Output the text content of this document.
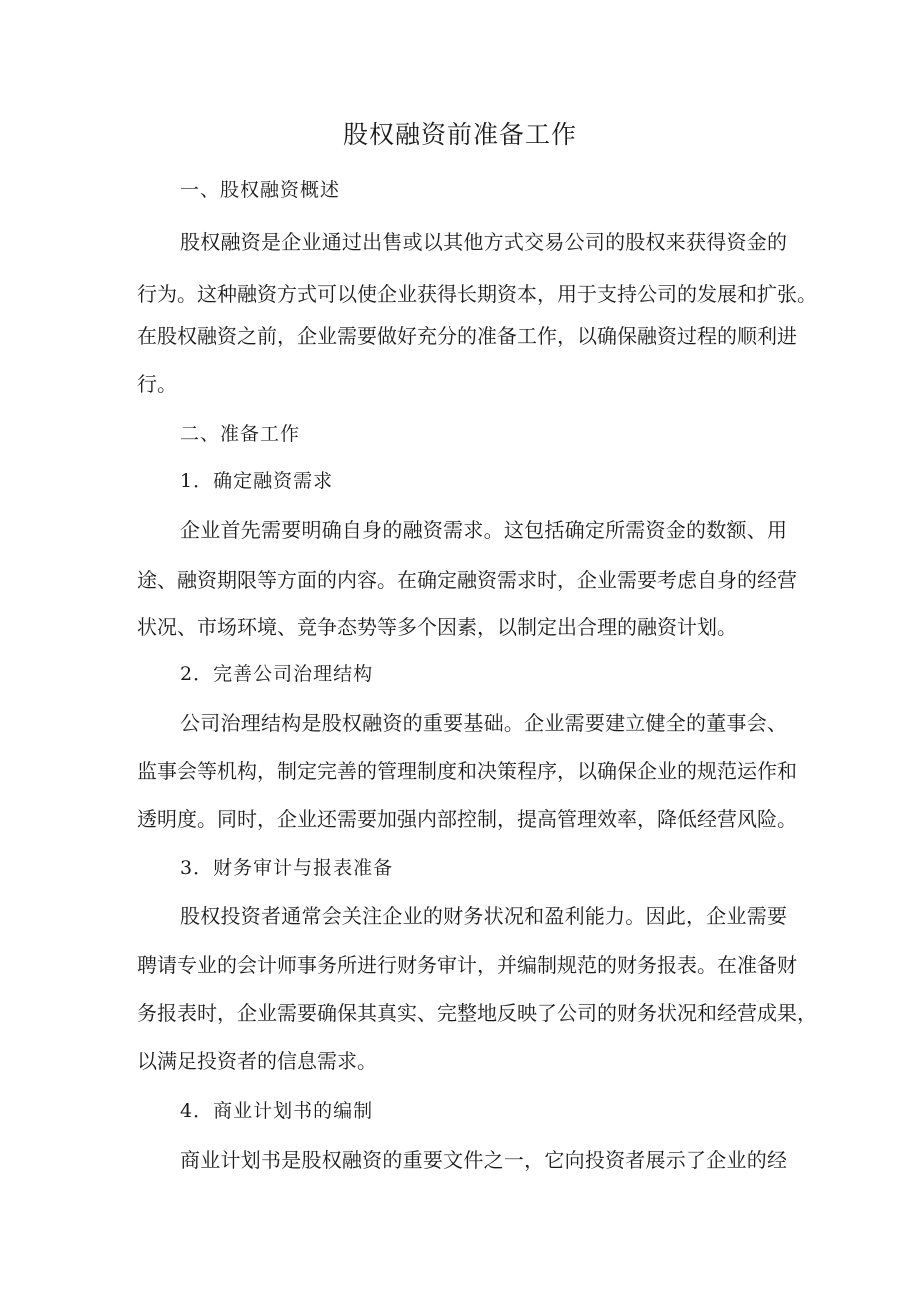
股权融资前准备工作
一、股权融资概述
股权融资是企业通过出售或以其他方式交易公司的股权来获得资金的
行为。这种融资方式可以使企业获得长期资本，用于支持公司的发展和扩张。
在股权融资之前，企业需要做好充分的准备工作，以确保融资过程的顺利进
行。
二、准备工作
1．确定融资需求
企业首先需要明确自身的融资需求。这包括确定所需资金的数额、用
途、融资期限等方面的内容。在确定融资需求时，企业需要考虑自身的经营
状况、市场环境、竞争态势等多个因素，以制定出合理的融资计划。
2．完善公司治理结构
公司治理结构是股权融资的重要基础。企业需要建立健全的董事会、
监事会等机构，制定完善的管理制度和决策程序，以确保企业的规范运作和
透明度。同时，企业还需要加强内部控制，提高管理效率，降低经营风险。
3．财务审计与报表准备
股权投资者通常会关注企业的财务状况和盈利能力。因此，企业需要
聘请专业的会计师事务所进行财务审计，并编制规范的财务报表。在准备财
务报表时，企业需要确保其真实、完整地反映了公司的财务状况和经营成果，
以满足投资者的信息需求。
4．商业计划书的编制
商业计划书是股权融资的重要文件之一，它向投资者展示了企业的经
